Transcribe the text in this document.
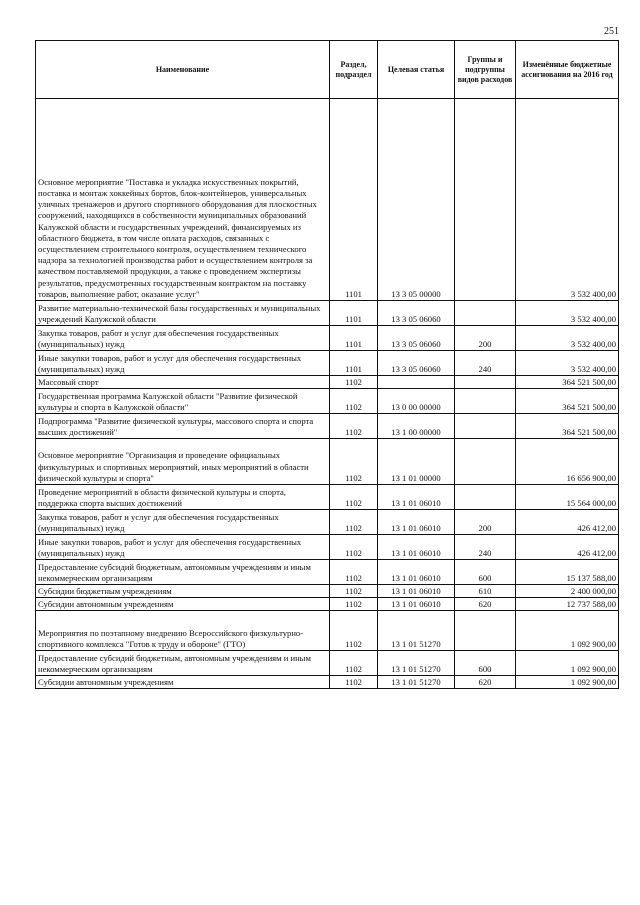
251
Наименование	Раздел, подраздел	Целевая статья	Группы и подгруппы видов расходов	Изменённые бюджетные ассигнования на 2016 год
Основное мероприятие "Поставка и укладка искусственных покрытий, поставка и монтаж хоккейных бортов, блок-контейнеров, универсальных уличных тренажеров и другого спортивного оборудования для плоскостных сооружений, находящихся в собственности муниципальных образований Калужской области и государственных учреждений, финансируемых из областного бюджета, в том числе оплата расходов, связанных с осуществлением строительного контроля, осуществлением технического надзора за технологией производства работ и осуществлением контроля за качеством поставляемой продукции, а также с проведением экспертизы результатов, предусмотренных государственным контрактом на поставку товаров, выполнение работ, оказание услуг"	1101	13 3 05 00000		3 532 400,00
Развитие материально-технической базы государственных и муниципальных учреждений Калужской области	1101	13 3 05 06060		3 532 400,00
Закупка товаров, работ и услуг для обеспечения государственных (муниципальных) нужд	1101	13 3 05 06060	200	3 532 400,00
Иные закупки товаров, работ и услуг для обеспечения государственных (муниципальных) нужд	1101	13 3 05 06060	240	3 532 400,00
Массовый спорт	1102			364 521 500,00
Государственная программа Калужской области "Развитие физической культуры и спорта в Калужской области"	1102	13 0 00 00000		364 521 500,00
Подпрограмма "Развитие физической культуры, массового спорта и спорта высших достижений"	1102	13 1 00 00000		364 521 500,00
Основное мероприятие "Организация и проведение официальных физкультурных и спортивных мероприятий, иных мероприятий в области физической культуры и спорта"	1102	13 1 01 00000		16 656 900,00
Проведение мероприятий в области физической культуры и спорта, поддержка спорта высших достижений	1102	13 1 01 06010		15 564 000,00
Закупка товаров, работ и услуг для обеспечения государственных (муниципальных) нужд	1102	13 1 01 06010	200	426 412,00
Иные закупки товаров, работ и услуг для обеспечения государственных (муниципальных) нужд	1102	13 1 01 06010	240	426 412,00
Предоставление субсидий бюджетным, автономным учреждениям и иным некоммерческим организациям	1102	13 1 01 06010	600	15 137 588,00
Субсидии бюджетным учреждениям	1102	13 1 01 06010	610	2 400 000,00
Субсидии автономным учреждениям	1102	13 1 01 06010	620	12 737 588,00
Мероприятия по поэтапному внедрению Всероссийского физкультурно-спортивного комплекса "Готов к труду и обороне" (ГТО)	1102	13 1 01 51270		1 092 900,00
Предоставление субсидий бюджетным, автономным учреждениям и иным некоммерческим организациям	1102	13 1 01 51270	600	1 092 900,00
Субсидии автономным учреждениям	1102	13 1 01 51270	620	1 092 900,00
